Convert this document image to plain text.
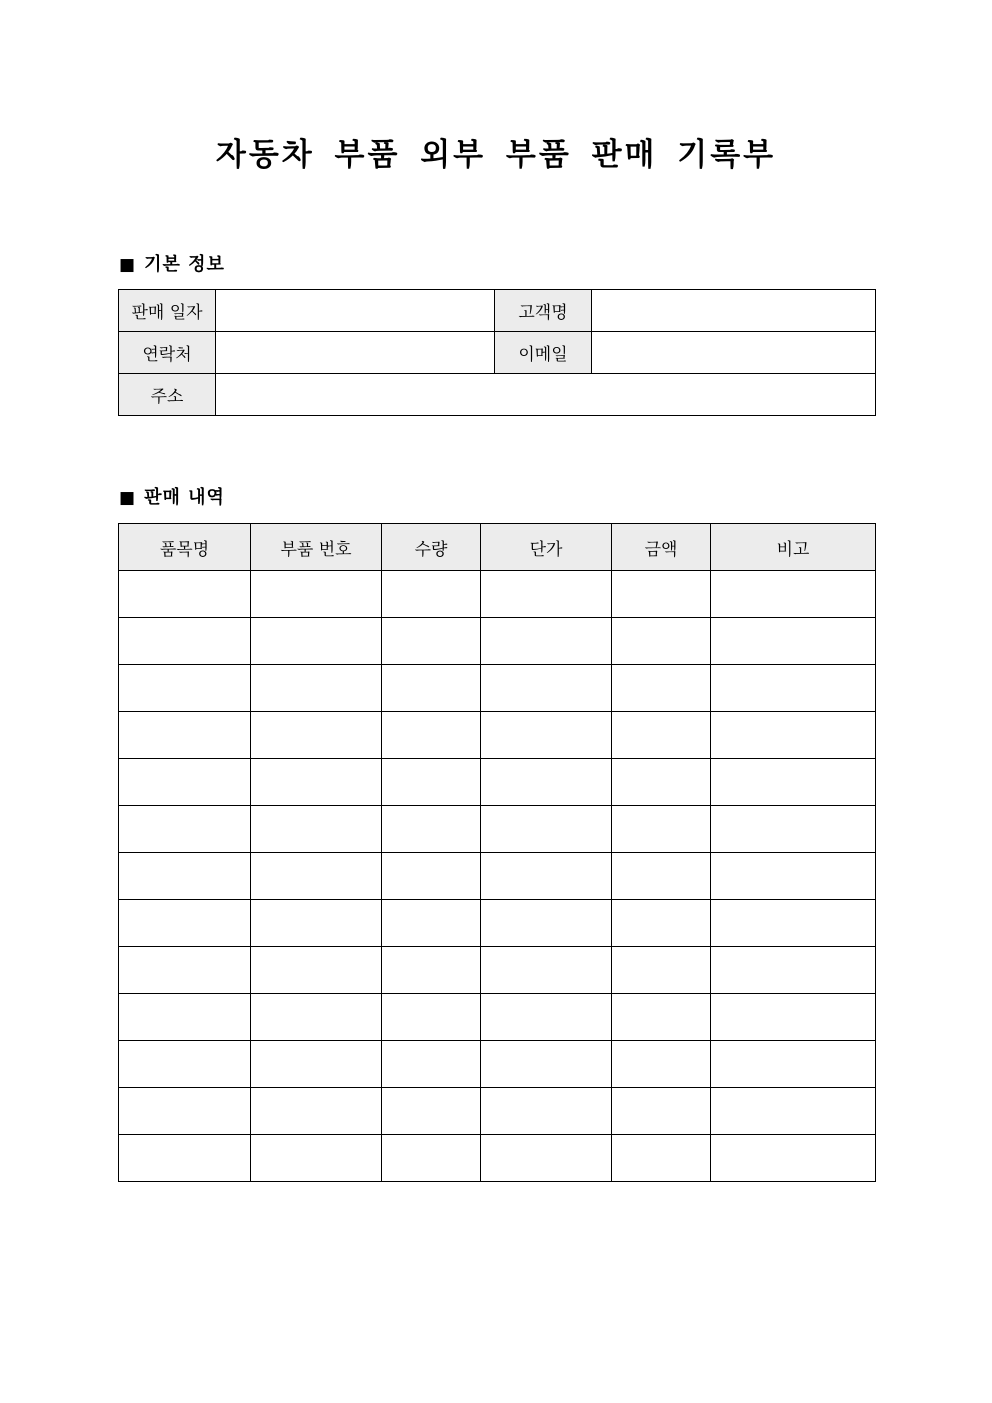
자동차 부품 외부 부품 판매 기록부
■ 기본 정보
판매 일자		고객명	
연락처		이메일	
주소			
■ 판매 내역
품목명	부품 번호	수량	단가	금액	비고
